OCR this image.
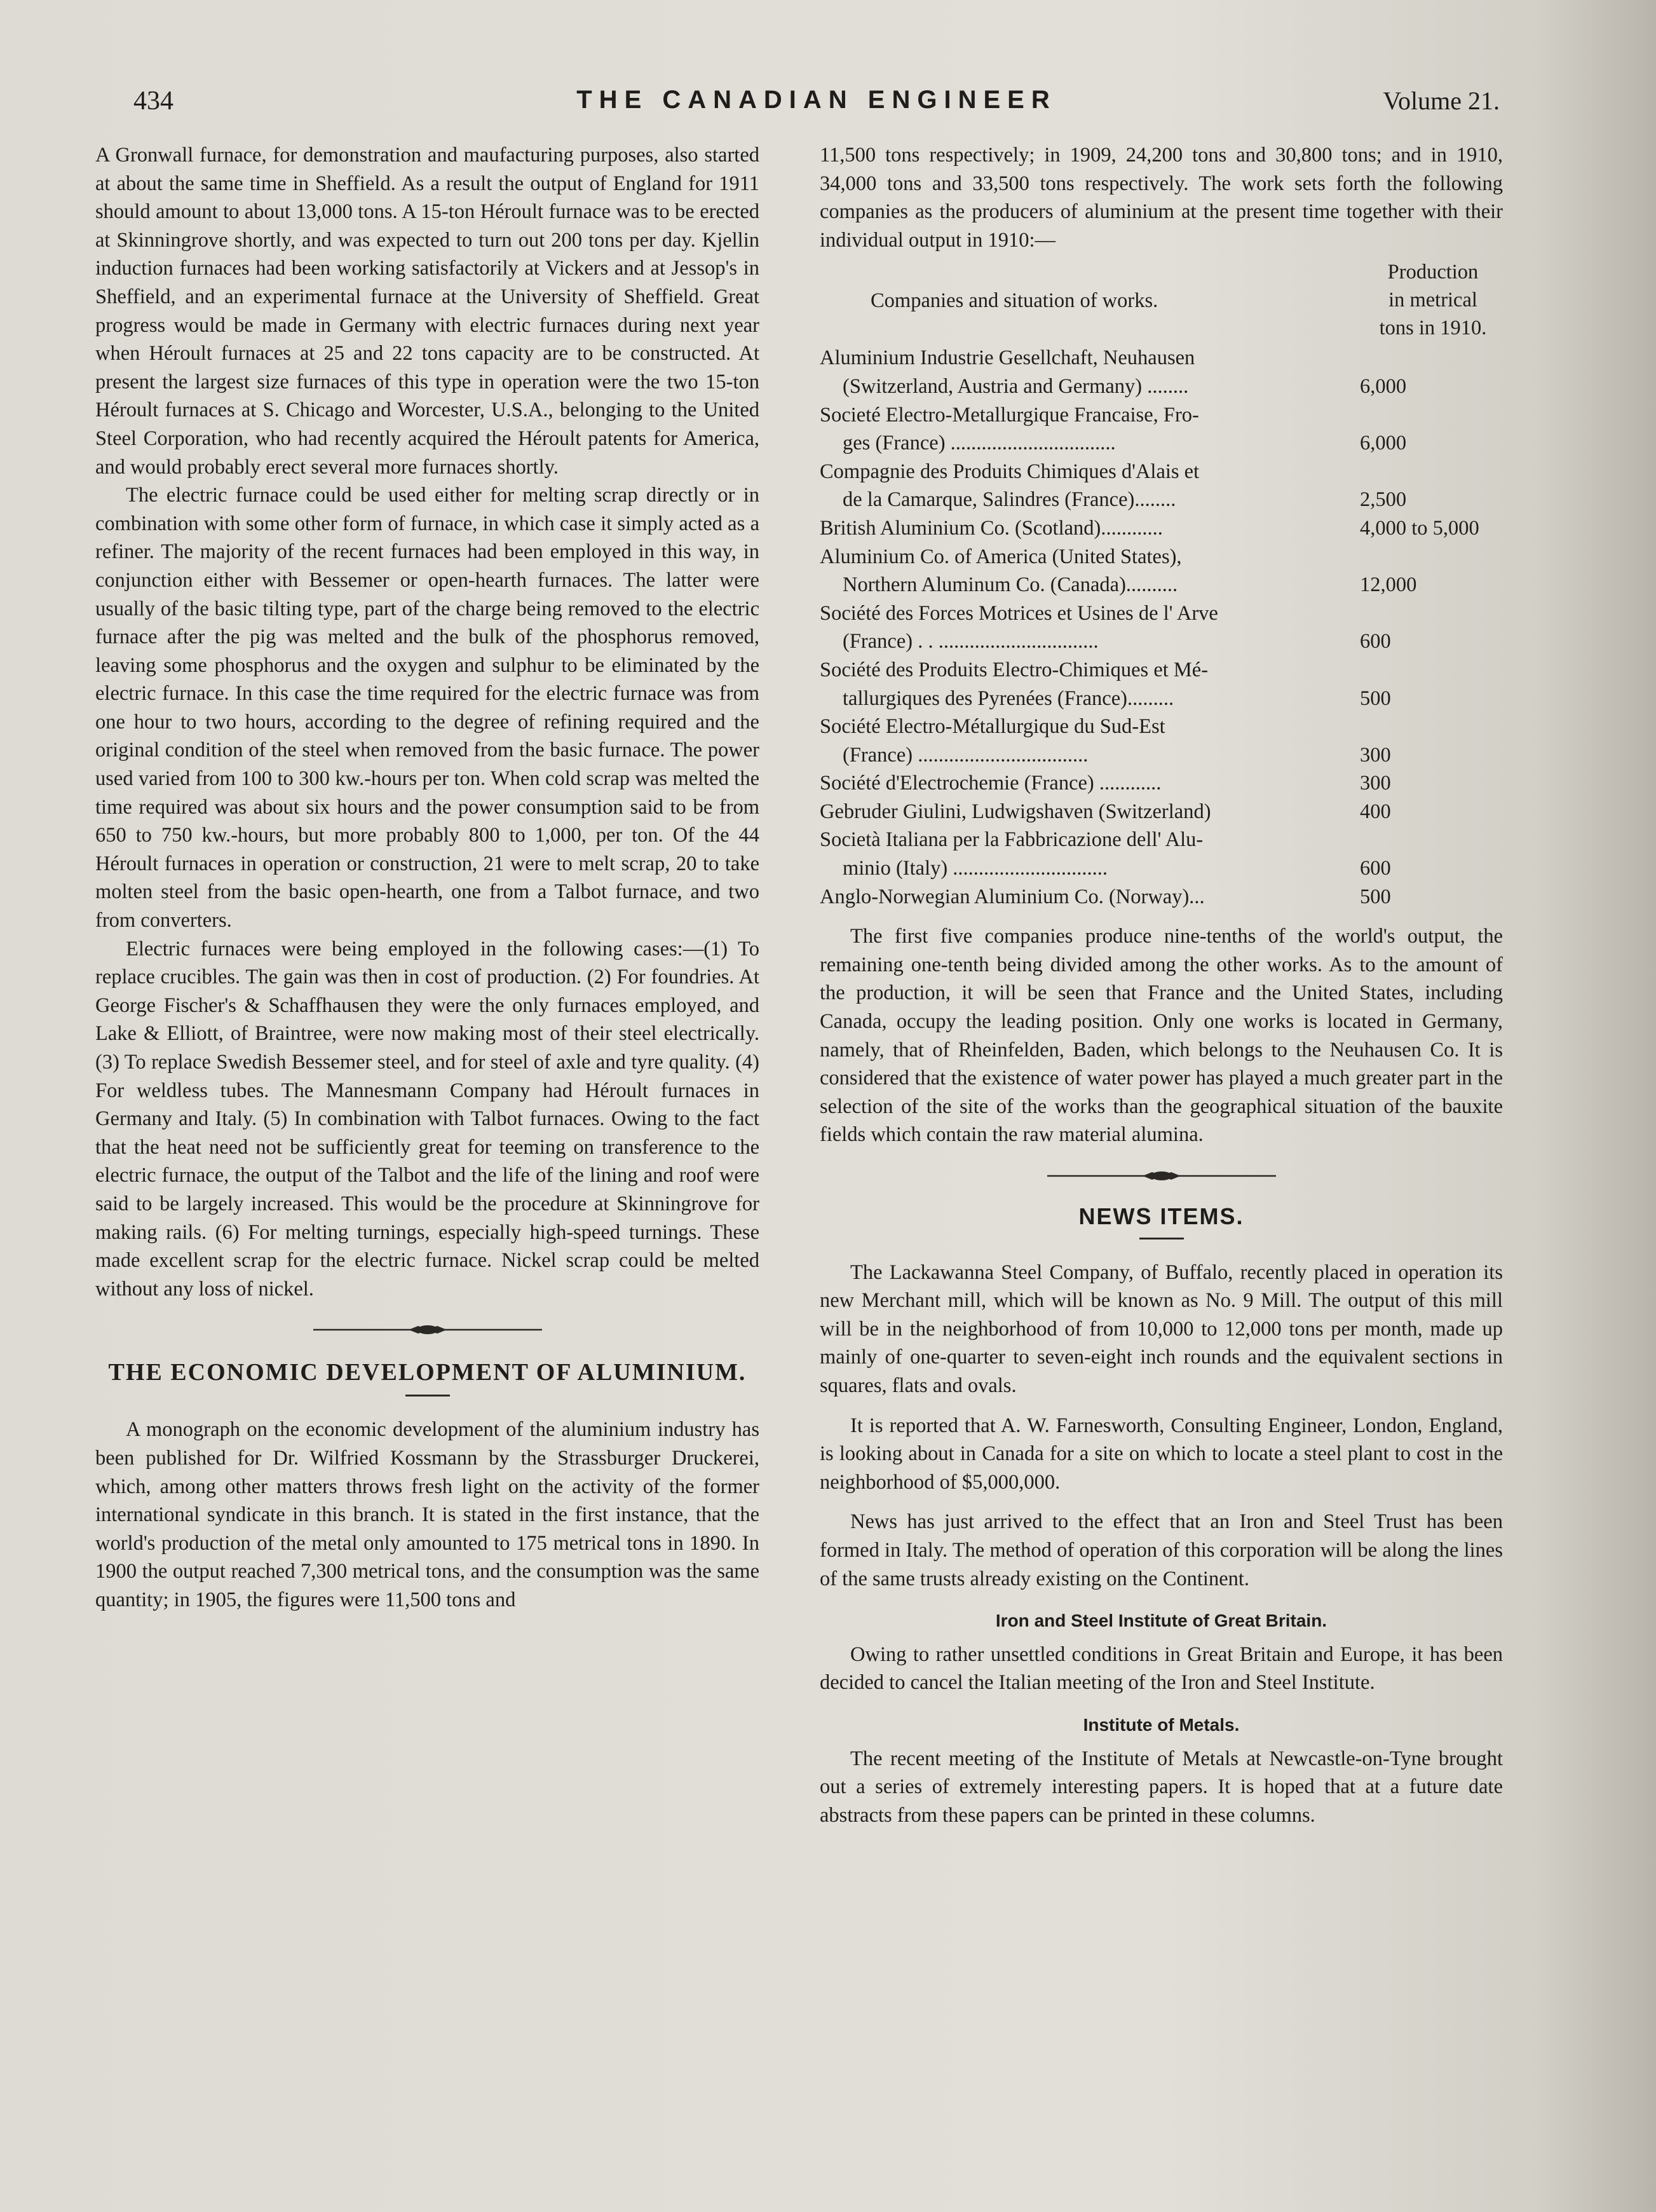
434	THE CANADIAN ENGINEER	Volume 21.

A Gronwall furnace, for demonstration and maufacturing purposes, also started at about the same time in Sheffield. As a result the output of England for 1911 should amount to about 13,000 tons. A 15-ton Héroult furnace was to be erected at Skinningrove shortly, and was expected to turn out 200 tons per day. Kjellin induction furnaces had been working satisfactorily at Vickers and at Jessop's in Sheffield, and an experimental furnace at the University of Sheffield. Great progress would be made in Germany with electric furnaces during next year when Héroult furnaces at 25 and 22 tons capacity are to be constructed. At present the largest size furnaces of this type in operation were the two 15-ton Héroult furnaces at S. Chicago and Worcester, U.S.A., belonging to the United Steel Corporation, who had recently acquired the Héroult patents for America, and would probably erect several more furnaces shortly.

The electric furnace could be used either for melting scrap directly or in combination with some other form of furnace, in which case it simply acted as a refiner. The majority of the recent furnaces had been employed in this way, in conjunction either with Bessemer or open-hearth furnaces. The latter were usually of the basic tilting type, part of the charge being removed to the electric furnace after the pig was melted and the bulk of the phosphorus removed, leaving some phosphorus and the oxygen and sulphur to be eliminated by the electric furnace. In this case the time required for the electric furnace was from one hour to two hours, according to the degree of refining required and the original condition of the steel when removed from the basic furnace. The power used varied from 100 to 300 kw.-hours per ton. When cold scrap was melted the time required was about six hours and the power consumption said to be from 650 to 750 kw.-hours, but more probably 800 to 1,000, per ton. Of the 44 Héroult furnaces in operation or construction, 21 were to melt scrap, 20 to take molten steel from the basic open-hearth, one from a Talbot furnace, and two from converters.

Electric furnaces were being employed in the following cases:—(1) To replace crucibles. The gain was then in cost of production. (2) For foundries. At George Fischer's & Schaffhausen they were the only furnaces employed, and Lake & Elliott, of Braintree, were now making most of their steel electrically. (3) To replace Swedish Bessemer steel, and for steel of axle and tyre quality. (4) For weldless tubes. The Mannesmann Company had Héroult furnaces in Germany and Italy. (5) In combination with Talbot furnaces. Owing to the fact that the heat need not be sufficiently great for teeming on transference to the electric furnace, the output of the Talbot and the life of the lining and roof were said to be largely increased. This would be the procedure at Skinningrove for making rails. (6) For melting turnings, especially high-speed turnings. These made excellent scrap for the electric furnace. Nickel scrap could be melted without any loss of nickel.

THE ECONOMIC DEVELOPMENT OF ALUMINIUM.

A monograph on the economic development of the aluminium industry has been published for Dr. Wilfried Kossmann by the Strassburger Druckerei, which, among other matters throws fresh light on the activity of the former international syndicate in this branch. It is stated in the first instance, that the world's production of the metal only amounted to 175 metrical tons in 1890. In 1900 the output reached 7,300 metrical tons, and the consumption was the same quantity; in 1905, the figures were 11,500 tons and

11,500 tons respectively; in 1909, 24,200 tons and 30,800 tons; and in 1910, 34,000 tons and 33,500 tons respectively. The work sets forth the following companies as the producers of aluminium at the present time together with their individual output in 1910:—

Companies and situation of works.
Production
in metrical
tons in 1910.
Aluminium Industrie Gesellchaft, Neuhausen
(Switzerland, Austria and Germany) ........	6,000
Societé Electro-Metallurgique Francaise, Fro-
ges (France) ................................	6,000
Compagnie des Produits Chimiques d'Alais et
de la Camarque, Salindres (France)........	2,500
British Aluminium Co. (Scotland)............	4,000 to 5,000
Aluminium Co. of America (United States),
Northern Aluminum Co. (Canada)..........	12,000
Société des Forces Motrices et Usines de l' Arve
(France) . . ...............................	600
Société des Produits Electro-Chimiques et Mé-
tallurgiques des Pyrenées (France).........	500
Société Electro-Métallurgique du Sud-Est
(France) .................................	300
Société d'Electrochemie (France) ............	300
Gebruder Giulini, Ludwigshaven (Switzerland)	400
Società Italiana per la Fabbricazione dell' Alu-
minio (Italy) ..............................	600
Anglo-Norwegian Aluminium Co. (Norway)...	500

The first five companies produce nine-tenths of the world's output, the remaining one-tenth being divided among the other works. As to the amount of the production, it will be seen that France and the United States, including Canada, occupy the leading position. Only one works is located in Germany, namely, that of Rheinfelden, Baden, which belongs to the Neuhausen Co. It is considered that the existence of water power has played a much greater part in the selection of the site of the works than the geographical situation of the bauxite fields which contain the raw material alumina.

NEWS ITEMS.

The Lackawanna Steel Company, of Buffalo, recently placed in operation its new Merchant mill, which will be known as No. 9 Mill. The output of this mill will be in the neighborhood of from 10,000 to 12,000 tons per month, made up mainly of one-quarter to seven-eight inch rounds and the equivalent sections in squares, flats and ovals.

It is reported that A. W. Farnesworth, Consulting Engineer, London, England, is looking about in Canada for a site on which to locate a steel plant to cost in the neighborhood of $5,000,000.

News has just arrived to the effect that an Iron and Steel Trust has been formed in Italy. The method of operation of this corporation will be along the lines of the same trusts already existing on the Continent.

Iron and Steel Institute of Great Britain.

Owing to rather unsettled conditions in Great Britain and Europe, it has been decided to cancel the Italian meeting of the Iron and Steel Institute.

Institute of Metals.

The recent meeting of the Institute of Metals at Newcastle-on-Tyne brought out a series of extremely interesting papers. It is hoped that at a future date abstracts from these papers can be printed in these columns.
